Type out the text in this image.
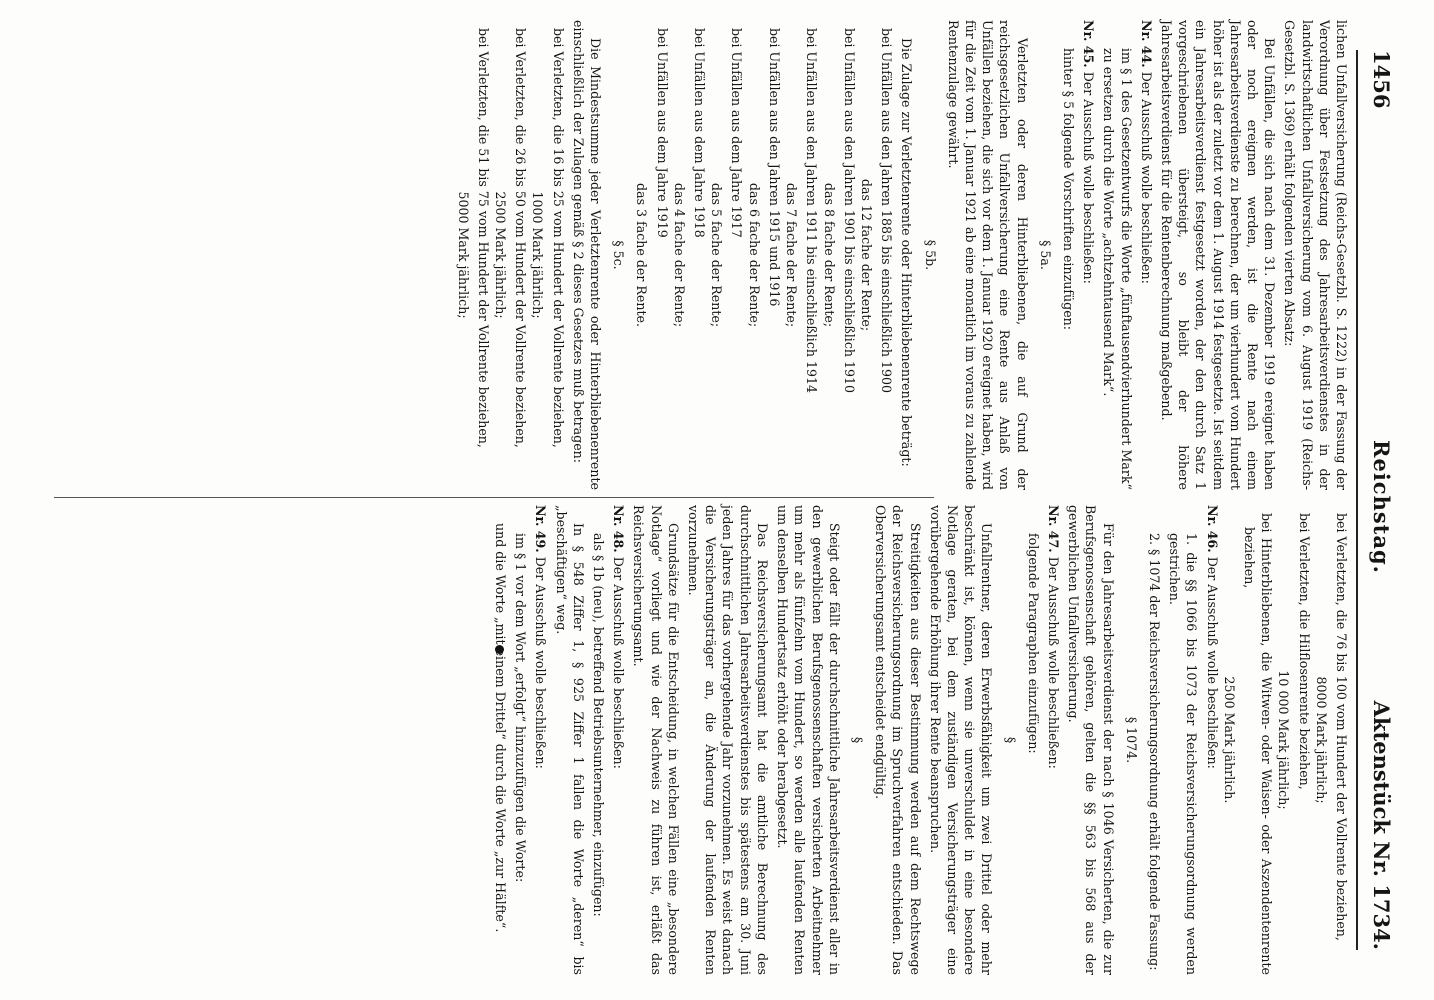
1456
Reichstag.
Aktenstück Nr. 1734.

lichen Unfallversicherung (Reichs-Gesetzbl. S. 1222) in der Fassung der Verordnung über Festsetzung des Jahresarbeitsverdienstes in der landwirtschaftlichen Unfallversicherung vom 6. August 1919 (Reichs-Gesetzbl. S. 1369) erhält folgenden vierten Absatz:

Bei Unfällen, die sich nach dem 31. Dezember 1919 ereignet haben oder noch ereignen werden, ist die Rente nach einem Jahresarbeitsverdienste zu berechnen, der um vierhundert vom Hundert höher ist als der zuletzt vor dem 1. August 1914 festgesetzte. Ist seitdem ein Jahresarbeitsverdienst festgesetzt worden, der den durch Satz 1 vorgeschriebenen übersteigt, so bleibt der höhere Jahresarbeitsverdienst für die Rentenberechnung maßgebend.

Nr. 44. Der Ausschuß wolle beschließen:

im § 1 des Gesetzentwurfs die Worte „fünftausendvierhundert Mark“ zu ersetzen durch die Worte „achtzehntausend Mark“.

Nr. 45. Der Ausschuß wolle beschließen:

hinter § 5 folgende Vorschriften einzufügen:

§ 5a.

Verletzten oder deren Hinterbliebenen, die auf Grund der reichsgesetzlichen Unfallversicherung eine Rente aus Anlaß von Unfällen beziehen, die sich vor dem 1. Januar 1920 ereignet haben, wird für die Zeit vom 1. Januar 1921 ab eine monatlich im voraus zu zahlende Rentenzulage gewährt.

§ 5b.

Die Zulage zur Verletztenrente oder Hinterbliebenenrente beträgt:

bei Unfällen aus den Jahren 1885 bis einschließlich 1900

das 12 fache der Rente;

bei Unfällen aus den Jahren 1901 bis einschließlich 1910

das 8 fache der Rente;

bei Unfällen aus den Jahren 1911 bis einschließlich 1914

das 7 fache der Rente;

bei Unfällen aus den Jahren 1915 und 1916

das 6 fache der Rente;

bei Unfällen aus dem Jahre 1917

das 5 fache der Rente;

bei Unfällen aus dem Jahre 1918

das 4 fache der Rente;

bei Unfällen aus dem Jahre 1919

das 3 fache der Rente.

§ 5c.

Die Mindestsumme jeder Verletztenrente oder Hinterbliebenenrente einschließlich der Zulagen gemäß § 2 dieses Gesetzes muß betragen:

bei Verletzten, die 16 bis 25 vom Hundert der Vollrente beziehen,

1000 Mark jährlich;

bei Verletzten, die 26 bis 50 vom Hundert der Vollrente beziehen,

2500 Mark jährlich;

bei Verletzten, die 51 bis 75 vom Hundert der Vollrente beziehen,

5000 Mark jährlich;

bei Verletzten, die 76 bis 100 vom Hundert der Vollrente beziehen,

8000 Mark jährlich;

bei Verletzten, die Hilflosenrente beziehen,

10 000 Mark jährlich;

bei Hinterbliebenen, die Witwen- oder Waisen- oder Aszendentenrente beziehen,

2500 Mark jährlich.

Nr. 46. Der Ausschuß wolle beschließen:

1. die §§ 1066 bis 1073 der Reichsversicherungsordnung werden gestrichen.

2. § 1074 der Reichsversicherungsordnung erhält folgende Fassung:

§ 1074.

Für den Jahresarbeitsverdienst der nach § 1046 Versicherten, die zur Berufsgenossenschaft gehören, gelten die §§ 563 bis 568 aus der gewerblichen Unfallversicherung.

Nr. 47. Der Ausschuß wolle beschließen:

folgende Paragraphen einzufügen:

§

Unfallrentner, deren Erwerbsfähigkeit um zwei Drittel oder mehr beschränkt ist, können, wenn sie unverschuldet in eine besondere Notlage geraten, bei dem zuständigen Versicherungsträger eine vorübergehende Erhöhung ihrer Rente beanspruchen.

Streitigkeiten aus dieser Bestimmung werden auf dem Rechtswege der Reichsversicherungsordnung im Spruchverfahren entschieden. Das Oberversicherungsamt entscheidet endgültig.

§

Steigt oder fällt der durchschnittliche Jahresarbeitsverdienst aller in den gewerblichen Berufsgenossenschaften versicherten Arbeitnehmer um mehr als fünfzehn vom Hundert, so werden alle laufenden Renten um denselben Hundertsatz erhöht oder herabgesetzt.

Das Reichsversicherungsamt hat die amtliche Berechnung des durchschnittlichen Jahresarbeitsverdienstes bis spätestens am 30. Juni jeden Jahres für das vorhergehende Jahr vorzunehmen. Es weist danach die Versicherungsträger an, die Änderung der laufenden Renten vorzunehmen.

Grundsätze für die Entscheidung, in welchen Fällen eine „besondere Notlage“ vorliegt und wie der Nachweis zu führen ist, erläßt das Reichsversicherungsamt.

Nr. 48. Der Ausschuß wolle beschließen:

als § 1b (neu), betreffend Betriebsunternehmer, einzufügen:

In § 548 Ziffer 1, § 925 Ziffer 1 fallen die Worte „deren“ bis „beschäftigen“ weg.

Nr. 49. Der Ausschuß wolle beschließen:

im § 1 vor dem Wort „erfolgt“ hinzuzufügen die Worte:

und die Worte „mit einem Drittel“ durch die Worte „zur Hälfte“.
